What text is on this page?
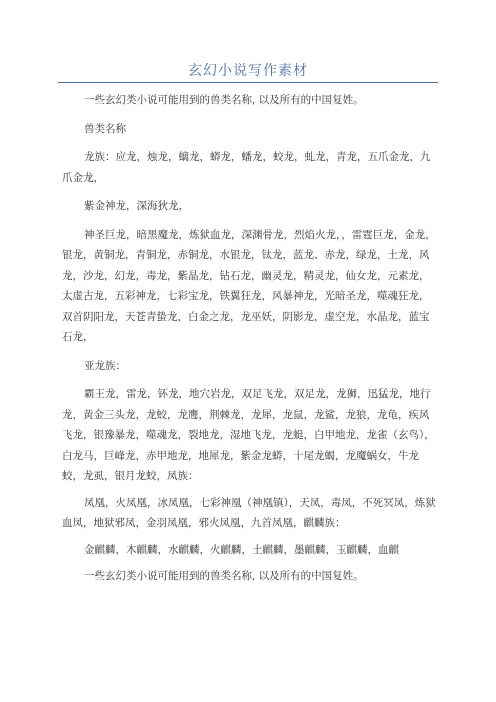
玄幻小说写作素材

一些玄幻类小说可能用到的兽类名称, 以及所有的中国复姓。

兽类名称

龙族：应龙，烛龙，螭龙，蟒龙，蟠龙，蛟龙，虬龙，青龙，五爪金龙，九爪金龙，

紫金神龙，深海狄龙，

神圣巨龙，暗黑魔龙，炼狱血龙，深渊骨龙，烈焰火龙，，雷霆巨龙，金龙，银龙，黄铜龙，青铜龙，赤铜龙，水银龙，钛龙，蓝龙、赤龙，绿龙，土龙，风龙，沙龙，幻龙，毒龙，紫晶龙，钻石龙，幽灵龙，精灵龙，仙女龙，元素龙，太虚古龙，五彩神龙，七彩宝龙，铁翼狂龙，风暴神龙，光暗圣龙，噬魂狂龙，双首阴阳龙，天苍青蛰龙，白金之龙，龙巫妖，阴影龙，虚空龙，水晶龙，蓝宝石龙，

亚龙族：

霸王龙，雷龙，钚龙，地穴岩龙，双足飞龙，双足龙，龙狮，迅猛龙，地行龙，黄金三头龙，龙蛟，龙鹰，荆棘龙，龙犀，龙鼠，龙鲨，龙狼，龙龟，疾风飞龙，银豫暴龙，噬魂龙，裂地龙，湿地飞龙，龙蜓，白甲地龙，龙雀（玄鸟），白龙马，巨峰龙，赤甲地龙，地犀龙，紫金龙蟒，十尾龙蝎，龙魔蜗女，牛龙蛟，龙虱，银月龙蛟，凤族：

凤凰，火凤凰，冰凤凰，七彩神凰（神凰镇），天凤，毒凤，不死冥凤，炼狱血凤，地狱邪凤，金羽凤凰，邪火凤凰，九首凤凰，麒麟族：

金麒麟，木麒麟，水麒麟，火麒麟，土麒麟，墨麒麟，玉麒麟，血麒

一些玄幻类小说可能用到的兽类名称, 以及所有的中国复姓。
